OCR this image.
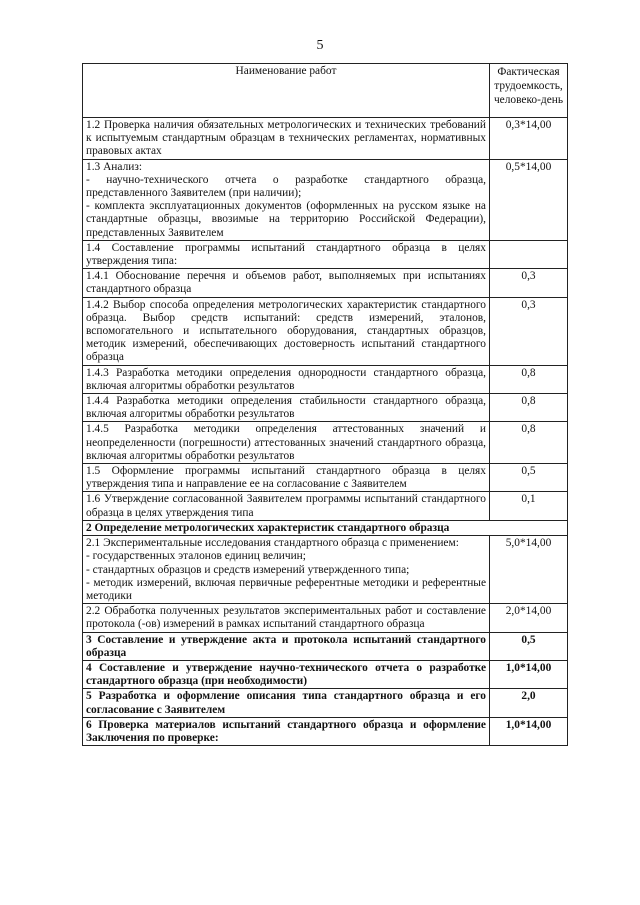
5
Наименование работ	Фактическая
трудоемкость,
человеко-день

1.2 Проверка наличия обязательных метрологических и технических требований к испытуемым стандартным образцам в технических регламентах, нормативных правовых актах	0,3*14,00

1.3 Анализ:
- научно-технического отчета о разработке стандартного образца, представленного Заявителем (при наличии);
- комплекта эксплуатационных документов (оформленных на русском языке на стандартные образцы, ввозимые на территорию Российской Федерации), представленных Заявителем	0,5*14,00

1.4 Составление программы испытаний стандартного образца в целях утверждения типа:	

1.4.1 Обоснование перечня и объемов работ, выполняемых при испытаниях стандартного образца	0,3

1.4.2 Выбор способа определения метрологических характеристик стандартного образца. Выбор средств испытаний: средств измерений, эталонов, вспомогательного и испытательного оборудования, стандартных образцов, методик измерений, обеспечивающих достоверность испытаний стандартного образца	0,3

1.4.3 Разработка методики определения однородности стандартного образца, включая алгоритмы обработки результатов	0,8

1.4.4 Разработка методики определения стабильности стандартного образца, включая алгоритмы обработки результатов	0,8

1.4.5 Разработка методики определения аттестованных значений и неопределенности (погрешности) аттестованных значений стандартного образца, включая алгоритмы обработки результатов	0,8

1.5 Оформление программы испытаний стандартного образца в целях утверждения типа и направление ее на согласование с Заявителем	0,5

1.6 Утверждение согласованной Заявителем программы испытаний стандартного образца в целях утверждения типа	0,1

2 Определение метрологических характеристик стандартного образца	

2.1 Экспериментальные исследования стандартного образца с применением:
- государственных эталонов единиц величин;
- стандартных образцов и средств измерений утвержденного типа;
- методик измерений, включая первичные референтные методики и референтные методики	5,0*14,00

2.2 Обработка полученных результатов экспериментальных работ и составление протокола (-ов) измерений в рамках испытаний стандартного образца	2,0*14,00

3 Составление и утверждение акта и протокола испытаний стандартного образца	0,5

4 Составление и утверждение научно-технического отчета о разработке стандартного образца (при необходимости)	1,0*14,00

5 Разработка и оформление описания типа стандартного образца и его согласование с Заявителем	2,0

6 Проверка материалов испытаний стандартного образца и оформление Заключения по проверке:	1,0*14,00
